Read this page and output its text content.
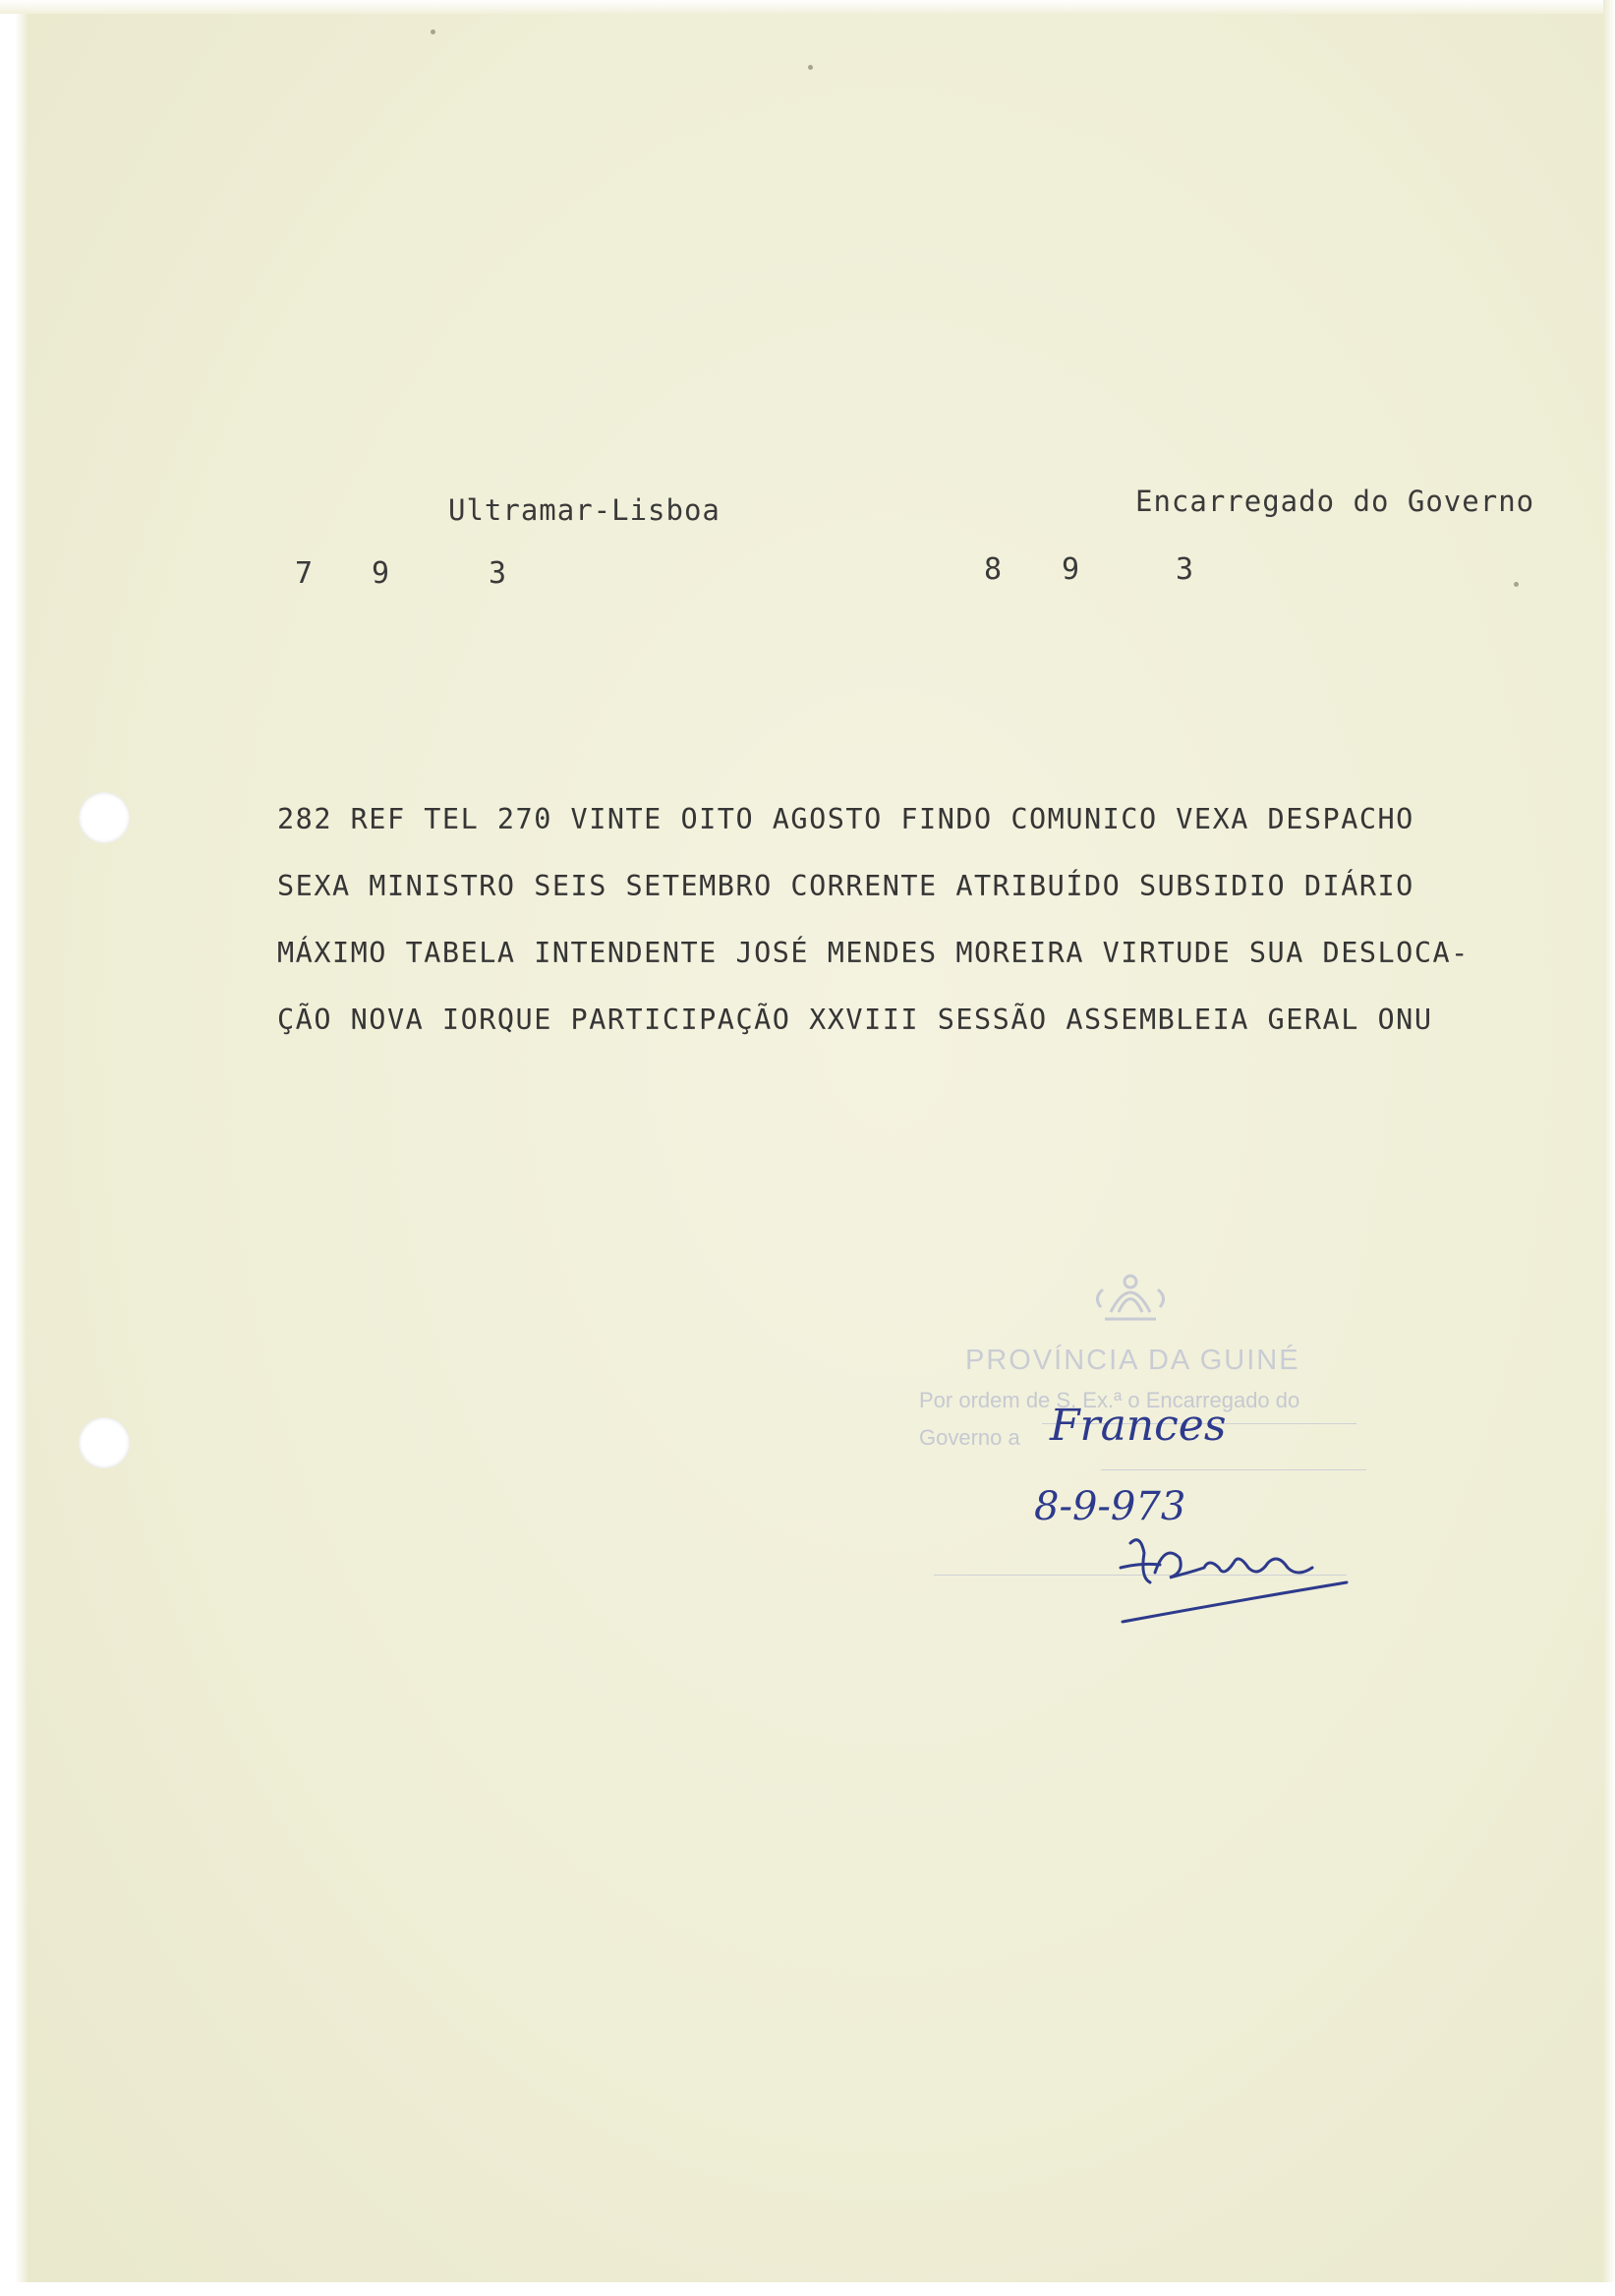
Ultramar-Lisboa	Encarregado do Governo
7 9	3	8 9	3
282 REF TEL 270 VINTE OITO AGOSTO FINDO COMUNICO VEXA DESPACHO
SEXA MINISTRO SEIS SETEMBRO CORRENTE ATRIBUÍDO SUBSIDIO DIÁRIO
MÁXIMO TABELA INTENDENTE JOSÉ MENDES MOREIRA VIRTUDE SUA DESLOCA-
ÇÃO NOVA IORQUE PARTICIPAÇÃO XXVIII SESSÃO ASSEMBLEIA GERAL ONU
PROVÍNCIA DA GUINÉ
Por ordem de S. Ex.ª o Encarregado do
Governo a Frances
8-9-973
